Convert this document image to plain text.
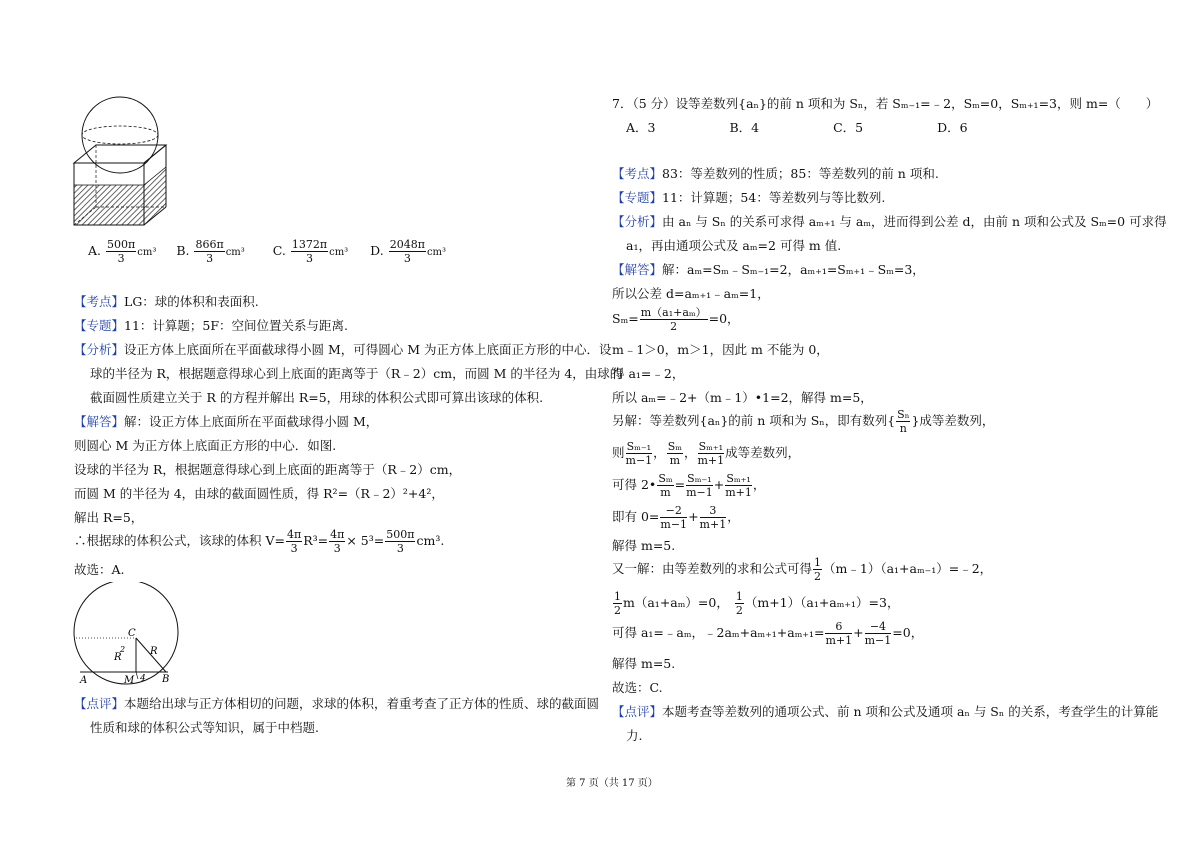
A. $\frac{500\pi}{3} cm^3$ B. $\frac{866\pi}{3} cm^3$ C. $\frac{1372\pi}{3} cm^3$ D. $\frac{2048\pi}{3} cm^3$
【考点】LG：球的体积和表面积.
【专题】11：计算题；5F：空间位置关系与距离.
【分析】设正方体上底面所在平面截球得小圆 M，可得圆心 M 为正方体上底面正方形的中心．设
球的半径为 R，根据题意得球心到上底面的距离等于（R﹣2）cm，而圆 M 的半径为 4，由球的
截面圆性质建立关于 R 的方程并解出 R=5，用球的体积公式即可算出该球的体积.
【解答】解：设正方体上底面所在平面截球得小圆 M，
则圆心 M 为正方体上底面正方形的中心．如图.
设球的半径为 R，根据题意得球心到上底面的距离等于（R﹣2）cm，
而圆 M 的半径为 4，由球的截面圆性质，得 R²=（R﹣2）²+4²，
解出 R=5，
∴根据球的体积公式，该球的体积 $V= \frac{4\pi}{3} R^3= \frac{4\pi}{3} \times 5^3= \frac{500\pi}{3} cm^3$.
故选：A.
C
R
2 R
A	M 4 B
【点评】本题给出球与正方体相切的问题，求球的体积，着重考查了正方体的性质、球的截面圆
性质和球的体积公式等知识，属于中档题.
7．（5 分）设等差数列{aₙ}的前 n 项和为 Sₙ，若 Sₘ₋₁=﹣2，Sₘ=0，Sₘ₊₁=3，则 m=（　　）
A．3	B．4	C．5	D．6
【考点】83：等差数列的性质；85：等差数列的前 n 项和.
【专题】11：计算题；54：等差数列与等比数列.
【分析】由 aₙ 与 Sₙ 的关系可求得 aₘ₊₁ 与 aₘ，进而得到公差 d，由前 n 项和公式及 Sₘ=0 可求得
a₁，再由通项公式及 aₘ=2 可得 m 值.
【解答】解：aₘ=Sₘ﹣Sₘ₋₁=2，aₘ₊₁=Sₘ₊₁﹣Sₘ=3，
所以公差 d=aₘ₊₁﹣aₘ=1，
$S_m= \frac{\text{m（a₁+aₘ）}}{2} =0$，
m﹣1＞0，m＞1，因此 m 不能为 0，
得 a₁=﹣2，
所以 aₘ=﹣2+（m﹣1）•1=2，解得 m=5，
另解：等差数列{aₙ}的前 n 项和为 Sₙ，即有数列{ $\frac{\text{Sₙ}}{n}$ }成等差数列，
则 $\frac{\text{Sₘ₋₁}}{m-1}$ ， $\frac{\text{Sₘ}}{m}$ ， $\frac{\text{Sₘ₊₁}}{m+1}$ 成等差数列，
可得 2• $\frac{\text{Sₘ}}{m} = \frac{\text{Sₘ₋₁}}{m-1} + \frac{\text{Sₘ₊₁}}{m+1}$ ，
即有 $0= \frac{-2}{m-1} + \frac{3}{m+1}$ ，
解得 m=5.
又一解：由等差数列的求和公式可得 $\frac{1}{2}$ （m﹣1）（a₁+aₘ₋₁）=﹣2，
$\frac{1}{2} m(a_1+a_m)=0$， $\frac{1}{2} (m+1)(a_1+a_{m+1})=3$，
可得 a₁=﹣aₘ，﹣2aₘ+aₘ₊₁+aₘ₊₁= $\frac{6}{m+1} + \frac{-4}{m-1} =0$，
解得 m=5.
故选：C.
【点评】本题考查等差数列的通项公式、前 n 项和公式及通项 aₙ 与 Sₙ 的关系，考查学生的计算能
力.
第 7 页（共 17 页）
